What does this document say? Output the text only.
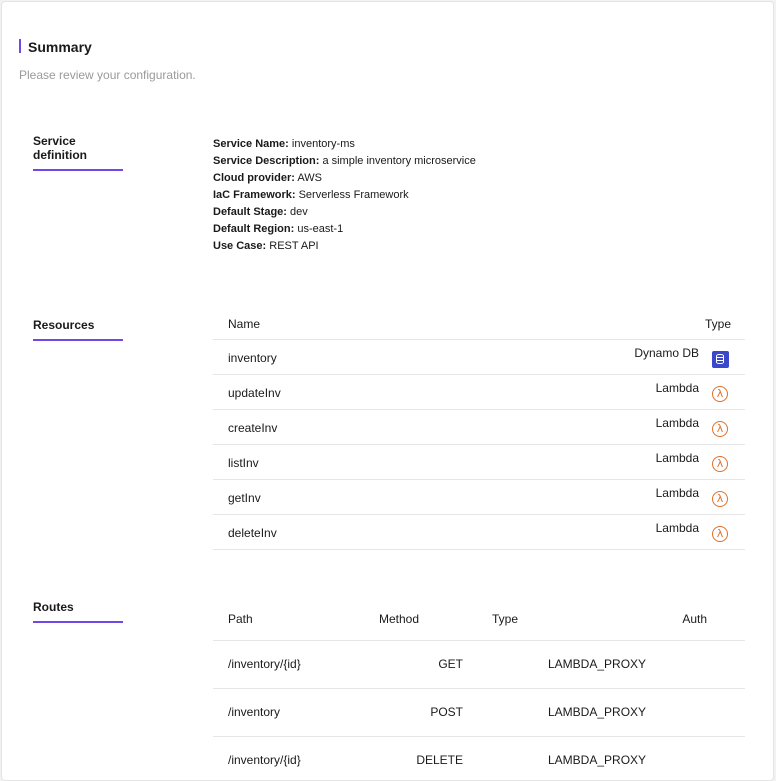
Summary
Please review your configuration.
Service definition
Service Name: inventory-ms
Service Description: a simple inventory microservice
Cloud provider: AWS
IaC Framework: Serverless Framework
Default Stage: dev
Default Region: us-east-1
Use Case: REST API
Resources	Name	Type
inventory	Dynamo DB
updateInv	Lambda	λ
createInv	Lambda	λ
listInv	Lambda	λ
getInv	Lambda	λ
deleteInv	Lambda	λ
Routes
Path	Method	Type	Auth
/inventory/{id}	GET	LAMBDA_PROXY
/inventory	POST	LAMBDA_PROXY
/inventory/{id}	DELETE	LAMBDA_PROXY
